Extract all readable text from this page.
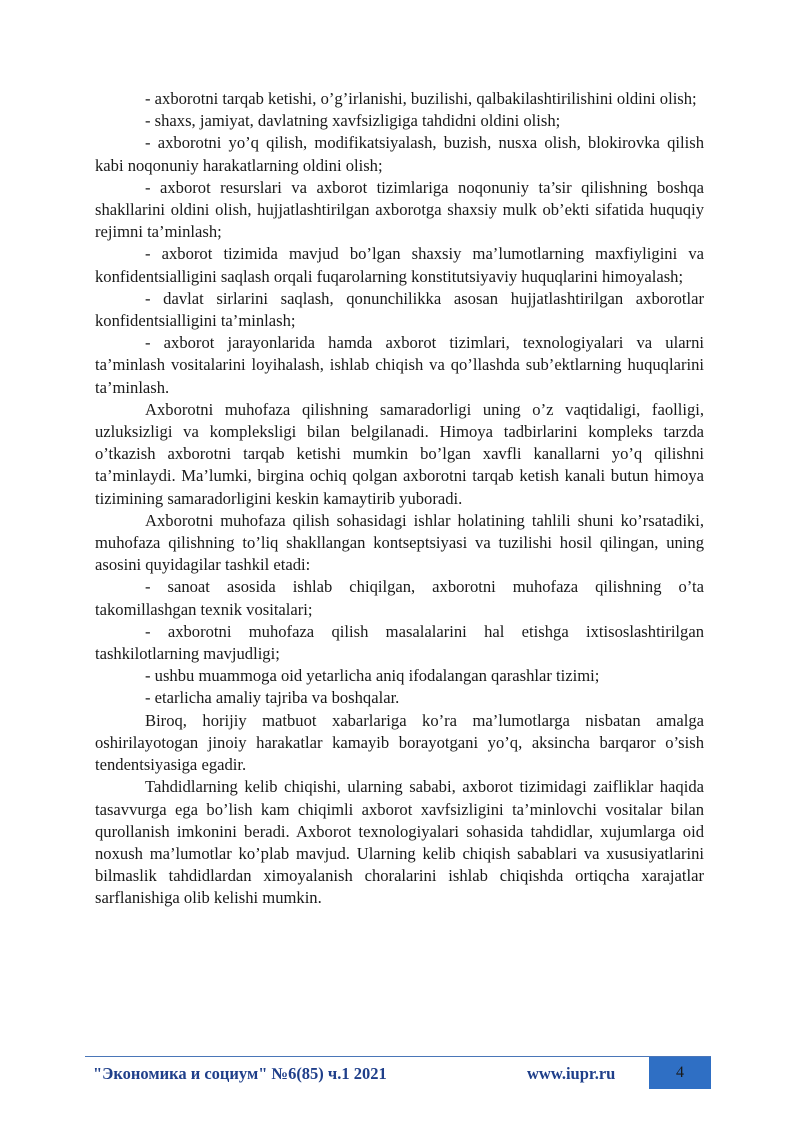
- axborotni tarqab ketishi, o’g’irlanishi, buzilishi, qalbakilashtirilishini oldini olish;

- shaxs, jamiyat, davlatning xavfsizligiga tahdidni oldini olish;

- axborotni yo’q qilish, modifikatsiyalash, buzish, nusxa olish, blokirovka qilish kabi noqonuniy harakatlarning oldini olish;

- axborot resurslari va axborot tizimlariga noqonuniy ta’sir qilishning boshqa shakllarini oldini olish, hujjatlashtirilgan axborotga shaxsiy mulk ob’ekti sifatida huquqiy rejimni ta’minlash;

- axborot tizimida mavjud bo’lgan shaxsiy ma’lumotlarning maxfiyligini va konfidentsialligini saqlash orqali fuqarolarning konstitutsiyaviy huquqlarini himoyalash;

- davlat sirlarini saqlash, qonunchilikka asosan hujjatlashtirilgan axborotlar konfidentsialligini ta’minlash;

- axborot jarayonlarida hamda axborot tizimlari, texnologiyalari va ularni ta’minlash vositalarini loyihalash, ishlab chiqish va qo’llashda sub’ektlarning huquqlarini ta’minlash.

Axborotni muhofaza qilishning samaradorligi uning o’z vaqtidaligi, faolligi, uzluksizligi va kompleksligi bilan belgilanadi. Himoya tadbirlarini kompleks tarzda o’tkazish axborotni tarqab ketishi mumkin bo’lgan xavfli kanallarni yo’q qilishni ta’minlaydi. Ma’lumki, birgina ochiq qolgan axborotni tarqab ketish kanali butun himoya tizimining samaradorligini keskin kamaytirib yuboradi.

Axborotni muhofaza qilish sohasidagi ishlar holatining tahlili shuni ko’rsatadiki, muhofaza qilishning to’liq shakllangan kontseptsiyasi va tuzilishi hosil qilingan, uning asosini quyidagilar tashkil etadi:

- sanoat asosida ishlab chiqilgan, axborotni muhofaza qilishning o’ta takomillashgan texnik vositalari;

- axborotni muhofaza qilish masalalarini hal etishga ixtisoslashtirilgan tashkilotlarning mavjudligi;

- ushbu muammoga oid yetarlicha aniq ifodalangan qarashlar tizimi;

- etarlicha amaliy tajriba va boshqalar.

Biroq, horijiy matbuot xabarlariga ko’ra ma’lumotlarga nisbatan amalga oshirilayotogan jinoiy harakatlar kamayib borayotgani yo’q, aksincha barqaror o’sish tendentsiyasiga egadir.

Tahdidlarning kelib chiqishi, ularning sababi, axborot tizimidagi zaifliklar haqida tasavvurga ega bo’lish kam chiqimli axborot xavfsizligini ta’minlovchi vositalar bilan qurollanish imkonini beradi. Axborot texnologiyalari sohasida tahdidlar, xujumlarga oid noxush ma’lumotlar ko’plab mavjud. Ularning kelib chiqish sabablari va xususiyatlarini bilmaslik tahdidlardan ximoyalanish choralarini ishlab chiqishda ortiqcha xarajatlar sarflanishiga olib kelishi mumkin.

"Экономика и социум" №6(85) ч.1 2021	www.iupr.ru	4
